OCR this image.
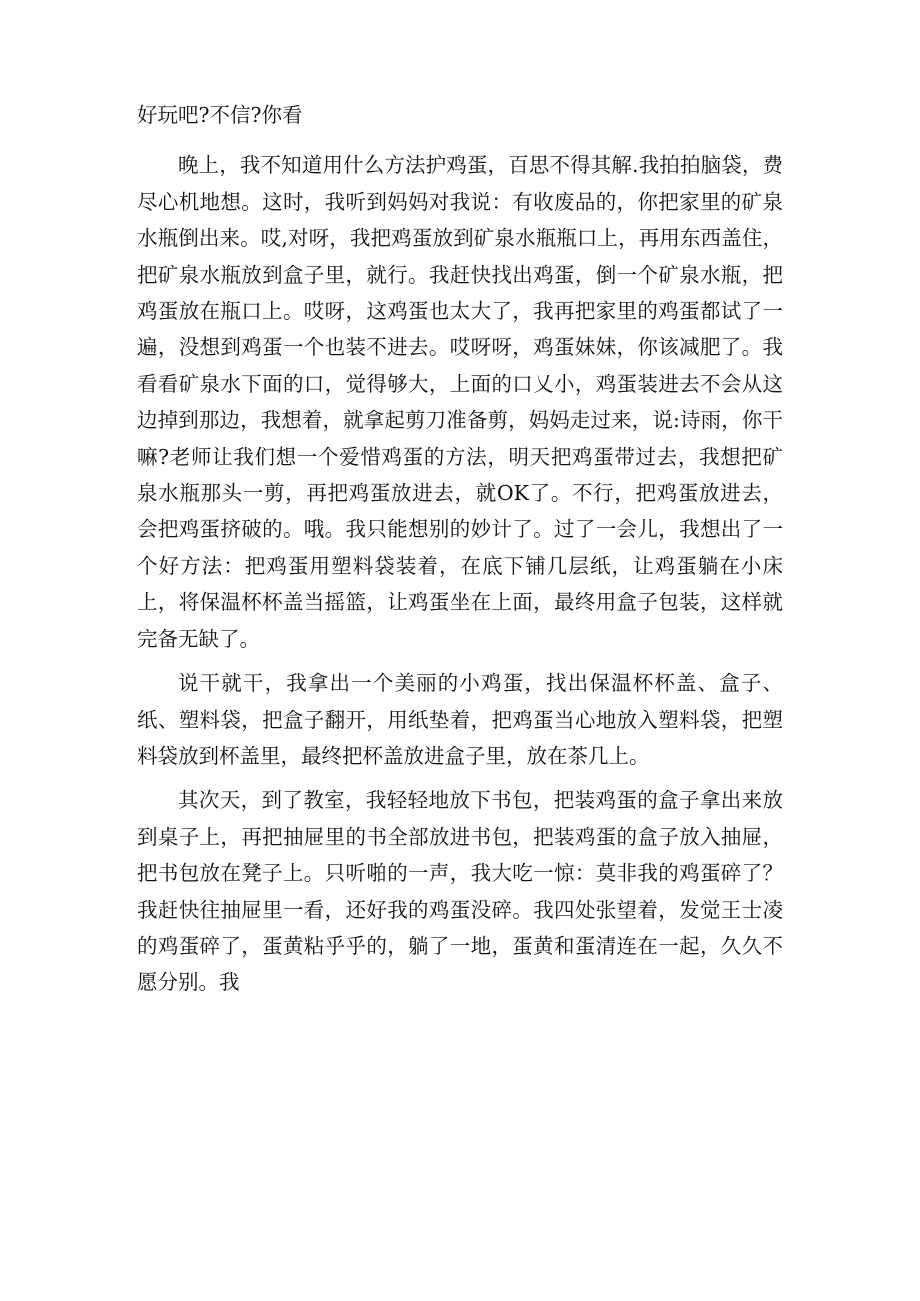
好玩吧?不信?你看

晚上，我不知道用什么方法护鸡蛋，百思不得其解.我拍拍脑袋，费尽心机地想。这时，我听到妈妈对我说：有收废品的，你把家里的矿泉水瓶倒出来。哎,对呀，我把鸡蛋放到矿泉水瓶瓶口上，再用东西盖住，把矿泉水瓶放到盒子里，就行。我赶快找出鸡蛋，倒一个矿泉水瓶，把鸡蛋放在瓶口上。哎呀，这鸡蛋也太大了，我再把家里的鸡蛋都试了一遍，没想到鸡蛋一个也装不进去。哎呀呀，鸡蛋妹妹，你该减肥了。我看看矿泉水下面的口，觉得够大，上面的口乂小，鸡蛋装进去不会从这边掉到那边，我想着，就拿起剪刀准备剪，妈妈走过来，说:诗雨，你干嘛?老师让我们想一个爱惜鸡蛋的方法，明天把鸡蛋带过去，我想把矿泉水瓶那头一剪，再把鸡蛋放进去，就OK了。不行，把鸡蛋放进去，会把鸡蛋挤破的。哦。我只能想别的妙计了。过了一会儿，我想出了一个好方法：把鸡蛋用塑料袋装着，在底下铺几层纸，让鸡蛋躺在小床上，将保温杯杯盖当摇篮，让鸡蛋坐在上面，最终用盒子包装，这样就完备无缺了。

说干就干，我拿出一个美丽的小鸡蛋，找出保温杯杯盖、盒子、纸、塑料袋，把盒子翻开，用纸垫着，把鸡蛋当心地放入塑料袋，把塑料袋放到杯盖里，最终把杯盖放进盒子里，放在茶几上。

其次天，到了教室，我轻轻地放下书包，把装鸡蛋的盒子拿出来放到桌子上，再把抽屉里的书全部放进书包，把装鸡蛋的盒子放入抽屉，把书包放在凳子上。只听啪的一声，我大吃一惊：莫非我的鸡蛋碎了？我赶快往抽屉里一看，还好我的鸡蛋没碎。我四处张望着，发觉王士凌的鸡蛋碎了，蛋黄粘乎乎的，躺了一地，蛋黄和蛋清连在一起，久久不愿分别。我
